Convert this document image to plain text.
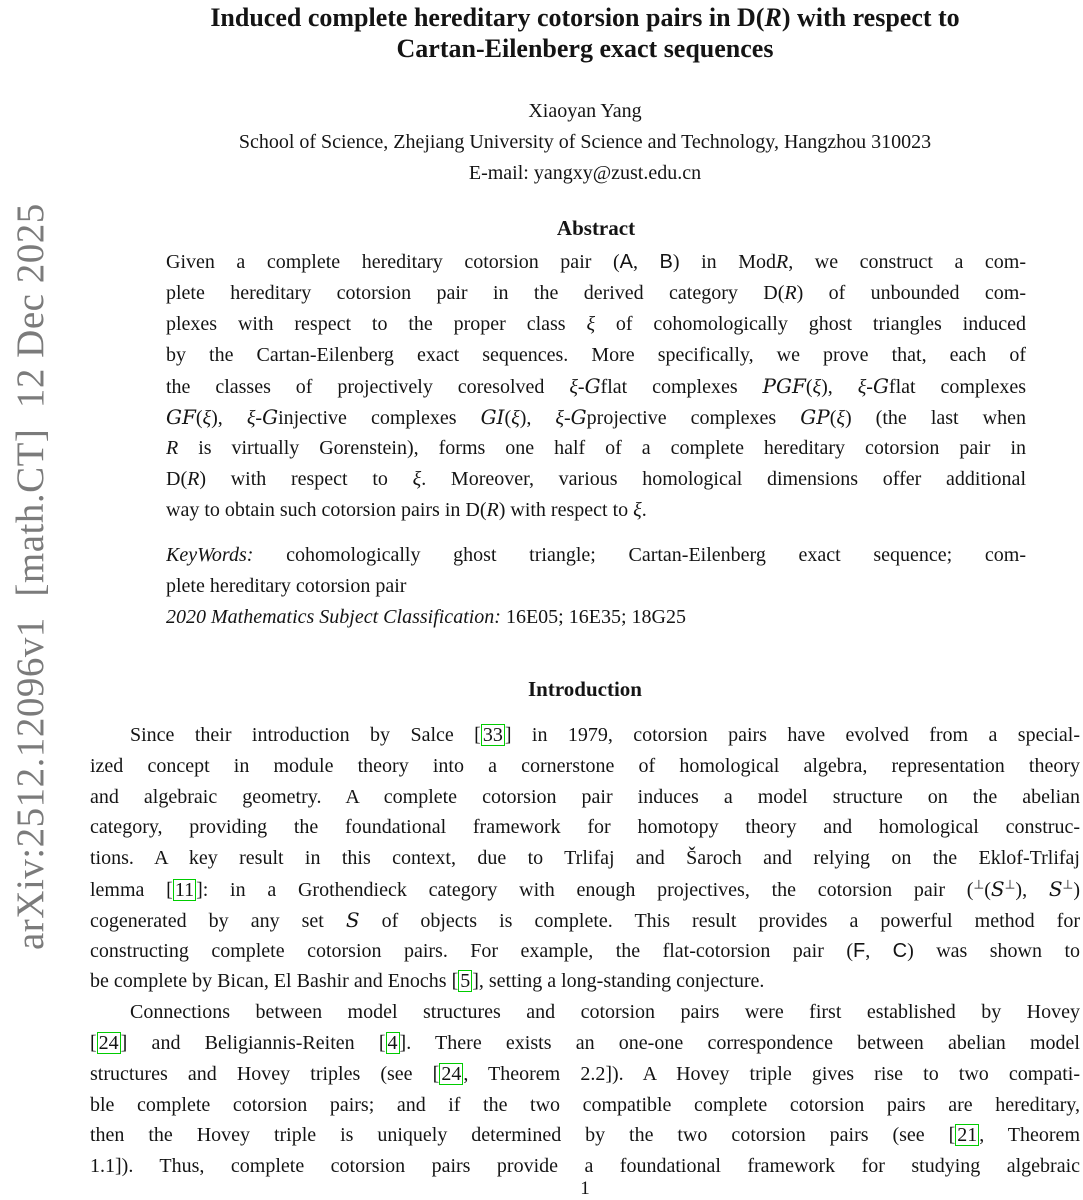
arXiv:2512.12096v1  [math.CT]  12 Dec 2025
Induced complete hereditary cotorsion pairs in D(R) with respect to
Cartan-Eilenberg exact sequences
Xiaoyan Yang
School of Science, Zhejiang University of Science and Technology, Hangzhou 310023
E-mail: yangxy@zust.edu.cn
Abstract
Given a complete hereditary cotorsion pair (A, B) in ModR, we construct a com-
plete hereditary cotorsion pair in the derived category D(R) of unbounded com-
plexes with respect to the proper class ξ of cohomologically ghost triangles induced
by the Cartan-Eilenberg exact sequences. More specifically, we prove that, each of
the classes of projectively coresolved ξ-Gflat complexes PGF(ξ), ξ-Gflat complexes
GF(ξ), ξ-Ginjective complexes GI(ξ), ξ-Gprojective complexes GP(ξ) (the last when
R is virtually Gorenstein), forms one half of a complete hereditary cotorsion pair in
D(R) with respect to ξ. Moreover, various homological dimensions offer additional
way to obtain such cotorsion pairs in D(R) with respect to ξ.
KeyWords: cohomologically ghost triangle; Cartan-Eilenberg exact sequence; com-
plete hereditary cotorsion pair
2020 Mathematics Subject Classification: 16E05; 16E35; 18G25
Introduction
Since their introduction by Salce [ 33 ] in 1979, cotorsion pairs have evolved from a special-
ized concept in module theory into a cornerstone of homological algebra, representation theory
and algebraic geometry. A complete cotorsion pair induces a model structure on the abelian
category, providing the foundational framework for homotopy theory and homological construc-
tions. A key result in this context, due to Trlifaj and Šaroch and relying on the Eklof-Trlifaj
lemma [ 11 ]: in a Grothendieck category with enough projectives, the cotorsion pair (⊥(S⊥), S⊥)
cogenerated by any set S of objects is complete. This result provides a powerful method for
constructing complete cotorsion pairs. For example, the flat-cotorsion pair (F, C) was shown to
be complete by Bican, El Bashir and Enochs [ 5 ], setting a long-standing conjecture.
Connections between model structures and cotorsion pairs were first established by Hovey
[ 24 ] and Beligiannis-Reiten [ 4 ]. There exists an one-one correspondence between abelian model
structures and Hovey triples (see [ 24 , Theorem 2.2]). A Hovey triple gives rise to two compati-
ble complete cotorsion pairs; and if the two compatible complete cotorsion pairs are hereditary,
then the Hovey triple is uniquely determined by the two cotorsion pairs (see [ 21 , Theorem
1.1]). Thus, complete cotorsion pairs provide a foundational framework for studying algebraic
1
